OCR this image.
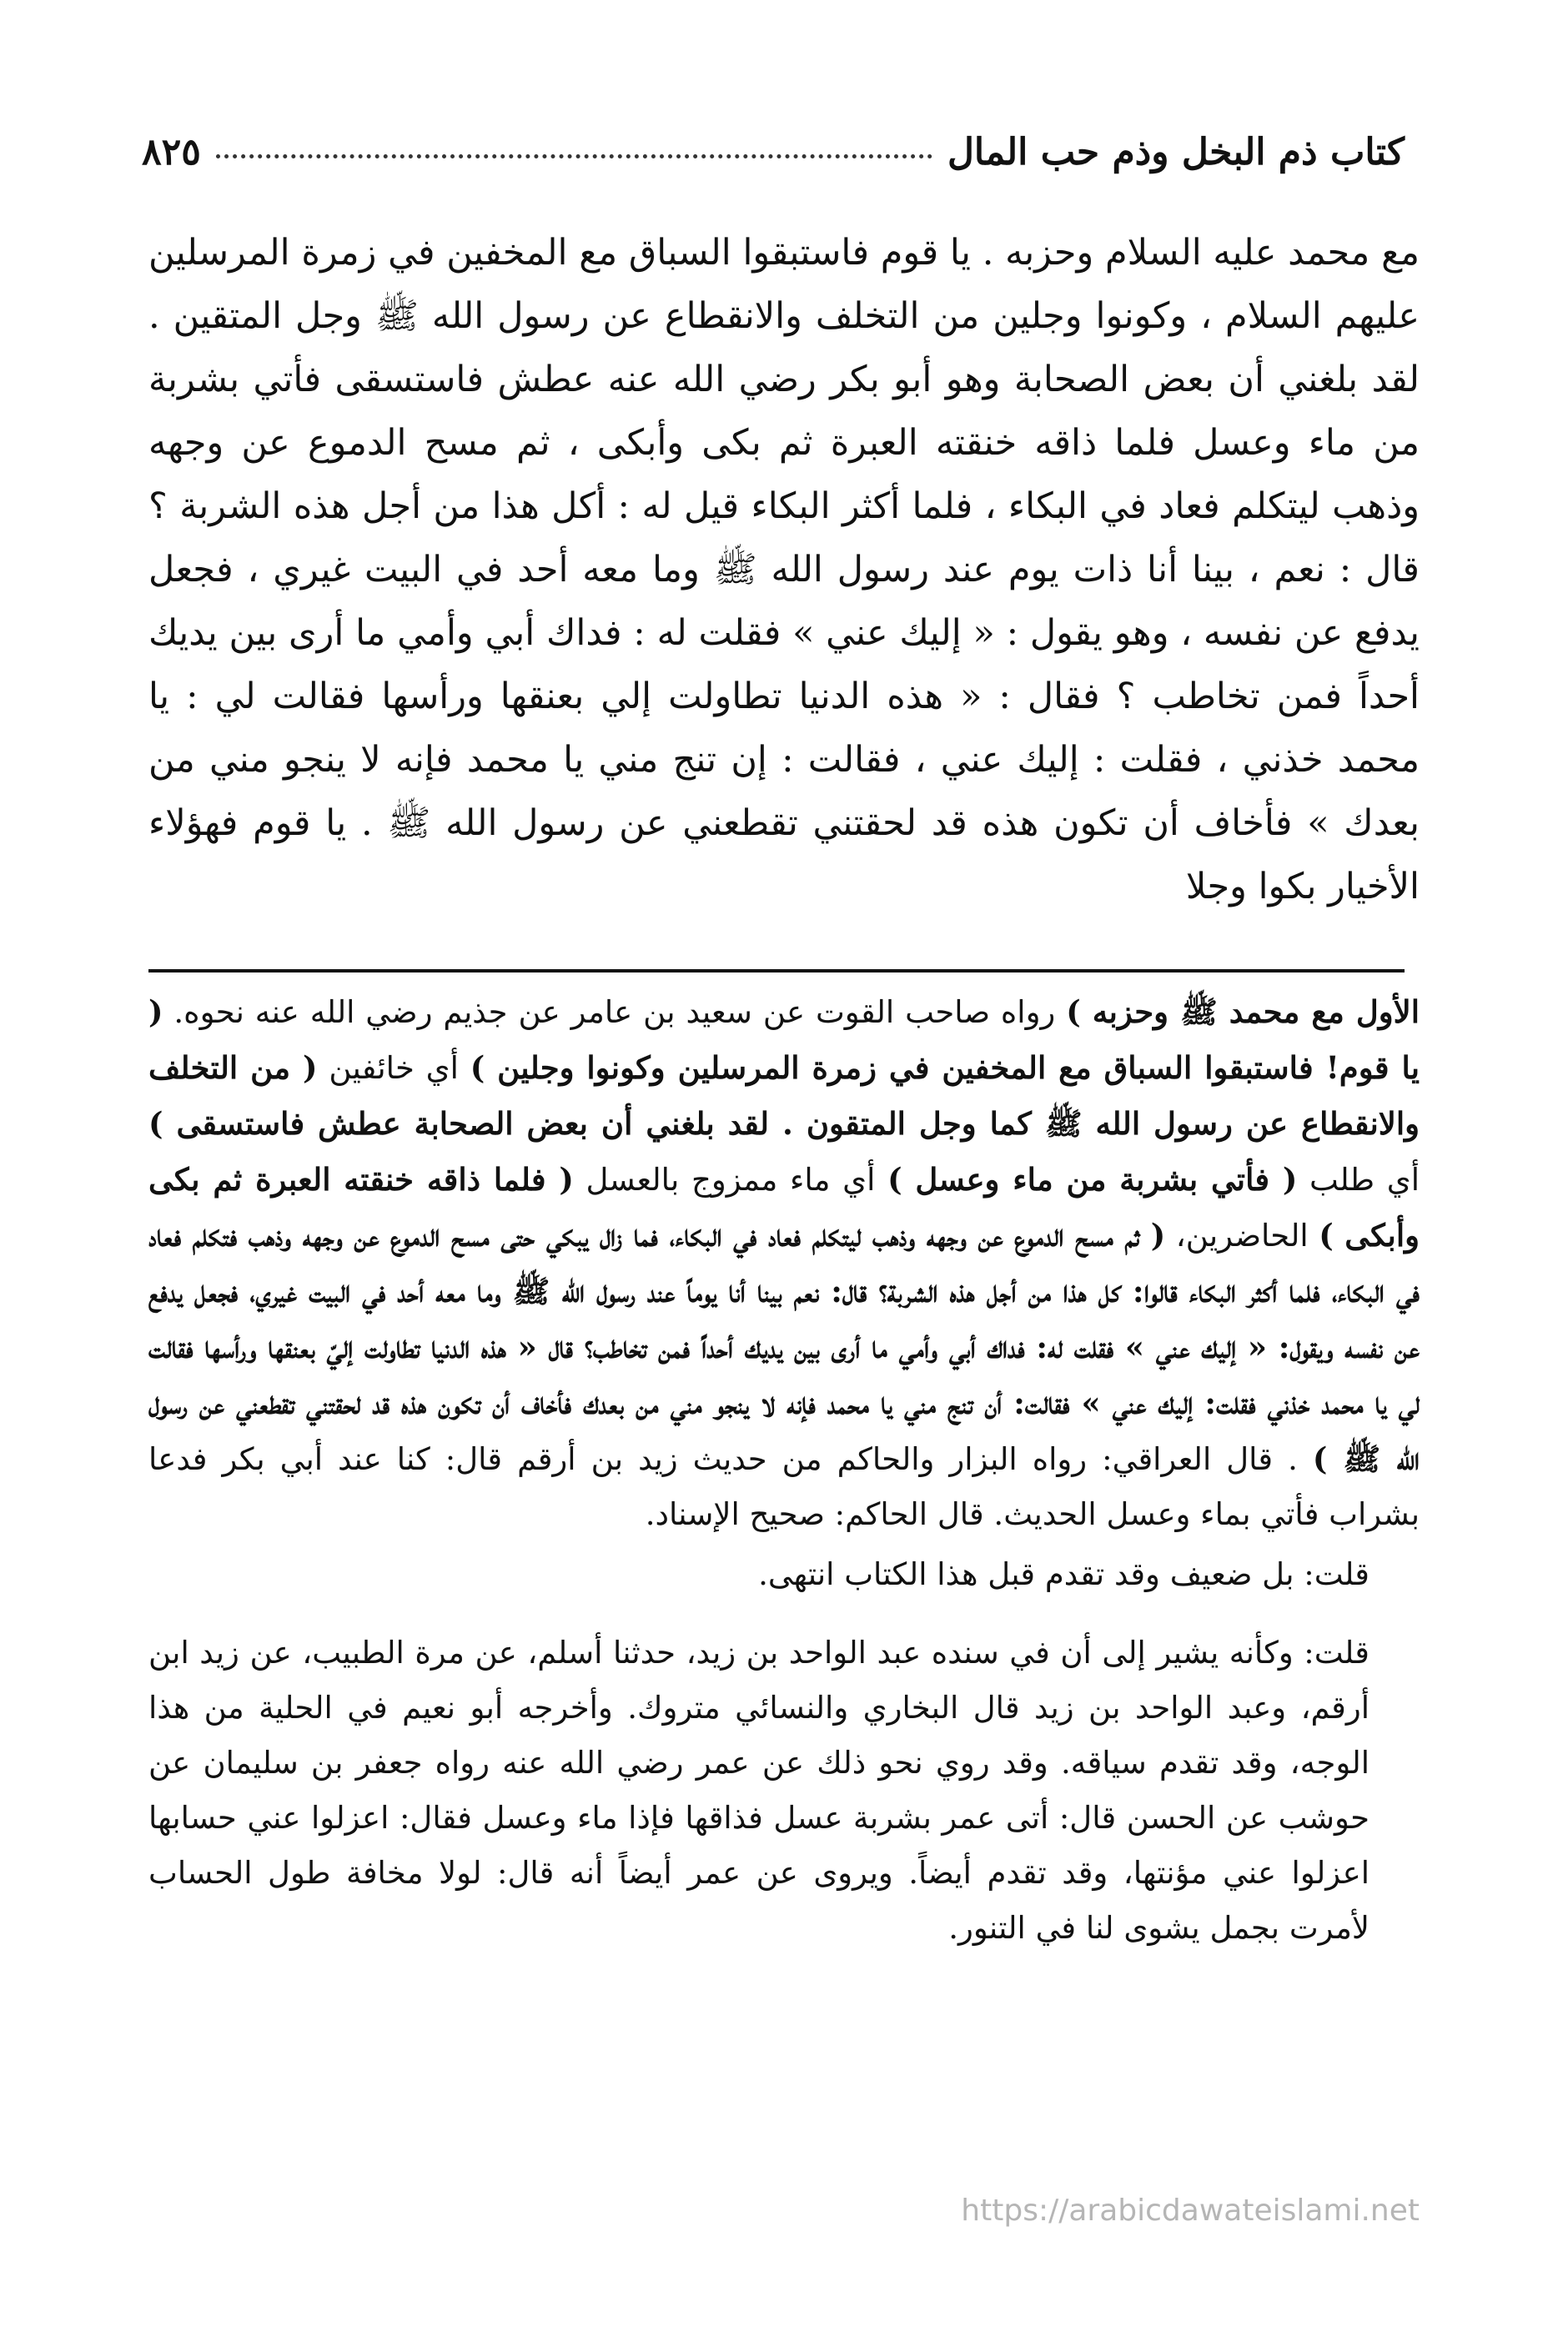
كتاب ذم البخل وذم حب المال
٨٢٥

مع محمد عليه السلام وحزبه . يا قوم فاستبقوا السباق مع المخفين في زمرة المرسلين عليهم السلام ، وكونوا وجلين من التخلف والانقطاع عن رسول الله ﷺ وجل المتقين . لقد بلغني أن بعض الصحابة وهو أبو بكر رضي الله عنه عطش فاستسقى فأتي بشربة من ماء وعسل فلما ذاقه خنقته العبرة ثم بكى وأبكى ، ثم مسح الدموع عن وجهه وذهب ليتكلم فعاد في البكاء ، فلما أكثر البكاء قيل له : أكل هذا من أجل هذه الشربة ؟ قال : نعم ، بينا أنا ذات يوم عند رسول الله ﷺ وما معه أحد في البيت غيري ، فجعل يدفع عن نفسه ، وهو يقول : « إليك عني » فقلت له : فداك أبي وأمي ما أرى بين يديك أحداً فمن تخاطب ؟ فقال : « هذه الدنيا تطاولت إلي بعنقها ورأسها فقالت لي : يا محمد خذني ، فقلت : إليك عني ، فقالت : إن تنج مني يا محمد فإنه لا ينجو مني من بعدك » فأخاف أن تكون هذه قد لحقتني تقطعني عن رسول الله ﷺ . يا قوم فهؤلاء الأخيار بكوا وجلا

الأول مع محمد ﷺ وحزبه ) رواه صاحب القوت عن سعيد بن عامر عن جذيم رضي الله عنه نحوه. ( يا قوم! فاستبقوا السباق مع المخفين في زمرة المرسلين وكونوا وجلين ) أي خائفين ( من التخلف والانقطاع عن رسول الله ﷺ كما وجل المتقون . لقد بلغني أن بعض الصحابة عطش فاستسقى ) أي طلب ( فأتي بشربة من ماء وعسل ) أي ماء ممزوج بالعسل ( فلما ذاقه خنقته العبرة ثم بكى وأبكى ) الحاضرين، ( ثم مسح الدموع عن وجهه وذهب ليتكلم فعاد في البكاء، فما زال يبكي حتى مسح الدموع عن وجهه وذهب فتكلم فعاد في البكاء، فلما أكثر البكاء قالوا: كل هذا من أجل هذه الشربة؟ قال: نعم بينا أنا يوماً عند رسول الله ﷺ وما معه أحد في البيت غيري، فجعل يدفع عن نفسه ويقول: « إليك عني » فقلت له: فداك أبي وأمي ما أرى بين يديك أحداً فمن تخاطب؟ قال « هذه الدنيا تطاولت إليّ بعنقها ورأسها فقالت لي يا محمد خذني فقلت: إليك عني » فقالت: أن تنج مني يا محمد فإنه لا ينجو مني من بعدك فأخاف أن تكون هذه قد لحقتني تقطعني عن رسول الله ﷺ ) . قال العراقي: رواه البزار والحاكم من حديث زيد بن أرقم قال: كنا عند أبي بكر فدعا بشراب فأتي بماء وعسل الحديث. قال الحاكم: صحيح الإسناد.

قلت: بل ضعيف وقد تقدم قبل هذا الكتاب انتهى.

قلت: وكأنه يشير إلى أن في سنده عبد الواحد بن زيد، حدثنا أسلم، عن مرة الطبيب، عن زيد ابن أرقم، وعبد الواحد بن زيد قال البخاري والنسائي متروك. وأخرجه أبو نعيم في الحلية من هذا الوجه، وقد تقدم سياقه. وقد روي نحو ذلك عن عمر رضي الله عنه رواه جعفر بن سليمان عن حوشب عن الحسن قال: أتى عمر بشربة عسل فذاقها فإذا ماء وعسل فقال: اعزلوا عني حسابها اعزلوا عني مؤنتها، وقد تقدم أيضاً. ويروى عن عمر أيضاً أنه قال: لولا مخافة طول الحساب لأمرت بجمل يشوى لنا في التنور.

https://arabicdawateislami.net
